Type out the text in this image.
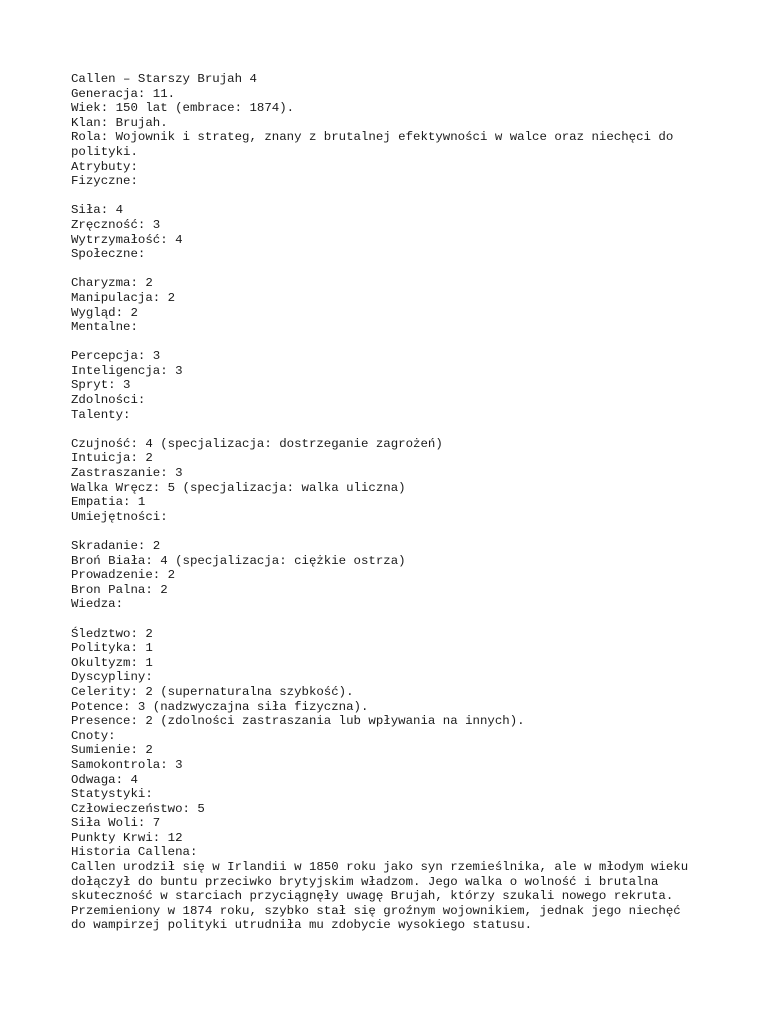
Callen – Starszy Brujah 4
Generacja: 11.
Wiek: 150 lat (embrace: 1874).
Klan: Brujah.
Rola: Wojownik i strateg, znany z brutalnej efektywności w walce oraz niechęci do
polityki.
Atrybuty:
Fizyczne:
Siła: 4
Zręczność: 3
Wytrzymałość: 4
Społeczne:
Charyzma: 2
Manipulacja: 2
Wygląd: 2
Mentalne:
Percepcja: 3
Inteligencja: 3
Spryt: 3
Zdolności:
Talenty:
Czujność: 4 (specjalizacja: dostrzeganie zagrożeń)
Intuicja: 2
Zastraszanie: 3
Walka Wręcz: 5 (specjalizacja: walka uliczna)
Empatia: 1
Umiejętności:
Skradanie: 2
Broń Biała: 4 (specjalizacja: ciężkie ostrza)
Prowadzenie: 2
Bron Palna: 2
Wiedza:
Śledztwo: 2
Polityka: 1
Okultyzm: 1
Dyscypliny:
Celerity: 2 (supernaturalna szybkość).
Potence: 3 (nadzwyczajna siła fizyczna).
Presence: 2 (zdolności zastraszania lub wpływania na innych).
Cnoty:
Sumienie: 2
Samokontrola: 3
Odwaga: 4
Statystyki:
Człowieczeństwo: 5
Siła Woli: 7
Punkty Krwi: 12
Historia Callena:
Callen urodził się w Irlandii w 1850 roku jako syn rzemieślnika, ale w młodym wieku
dołączył do buntu przeciwko brytyjskim władzom. Jego walka o wolność i brutalna
skuteczność w starciach przyciągnęły uwagę Brujah, którzy szukali nowego rekruta.
Przemieniony w 1874 roku, szybko stał się groźnym wojownikiem, jednak jego niechęć
do wampirzej polityki utrudniła mu zdobycie wysokiego statusu.
